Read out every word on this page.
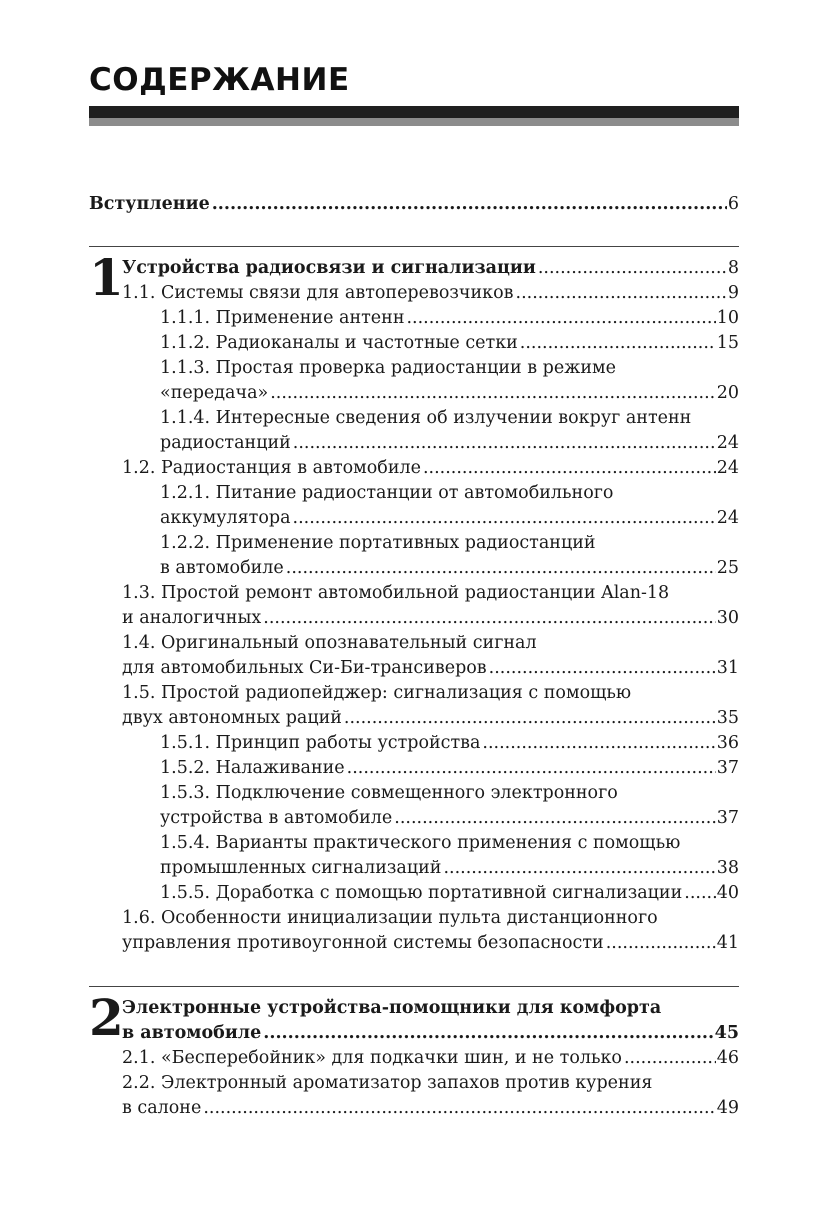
СОДЕРЖАНИЕ
Вступление .....	6
1
Устройства радиосвязи и сигнализации .....	8
1.1. Системы связи для автоперевозчиков .....	9
1.1.1. Применение антенн .....	10
1.1.2. Радиоканалы и частотные сетки .....	15
1.1.3. Простая проверка радиостанции в режиме
«передача» .....	20
1.1.4. Интересные сведения об излучении вокруг антенн
радиостанций .....	24
1.2. Радиостанция в автомобиле .....	24
1.2.1. Питание радиостанции от автомобильного
аккумулятора .....	24
1.2.2. Применение портативных радиостанций
в автомобиле .....	25
1.3. Простой ремонт автомобильной радиостанции Alan-18
и аналогичных .....	30
1.4. Оригинальный опознавательный сигнал
для автомобильных Си-Би-трансиверов .....	31
1.5. Простой радиопейджер: сигнализация с помощью
двух автономных раций .....	35
1.5.1. Принцип работы устройства .....	36
1.5.2. Налаживание .....	37
1.5.3. Подключение совмещенного электронного
устройства в автомобиле .....	37
1.5.4. Варианты практического применения с помощью
промышленных сигнализаций .....	38
1.5.5. Доработка с помощью портативной сигнализации ..... 40
1.6. Особенности инициализации пульта дистанционного
управления противоугонной системы безопасности .....	41
2
Электронные устройства-помощники для комфорта
в автомобиле .....	45
2.1. «Бесперебойник» для подкачки шин, и не только .....	46
2.2. Электронный ароматизатор запахов против курения
в салоне .....	49
